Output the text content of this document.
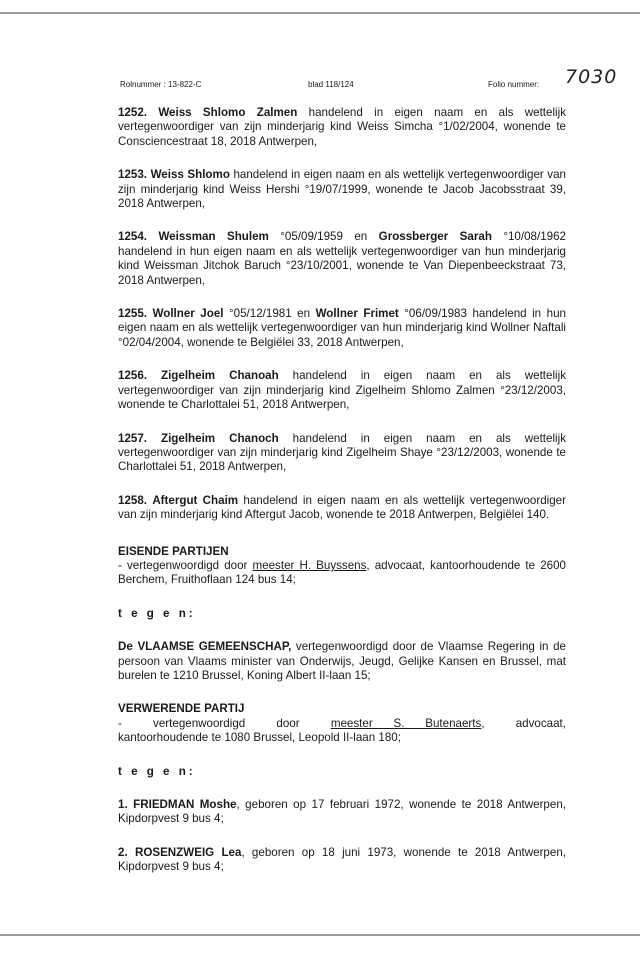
Rolnummer : 13-822-C	blad 118/124	Folio nummer: 7030

1252. Weiss Shlomo Zalmen handelend in eigen naam en als wettelijk vertegenwoordiger van zijn minderjarig kind Weiss Simcha °1/02/2004, wonende te Consciencestraat 18, 2018 Antwerpen,

1253. Weiss Shlomo handelend in eigen naam en als wettelijk vertegenwoordiger van zijn minderjarig kind Weiss Hershi °19/07/1999, wonende te Jacob Jacobsstraat 39, 2018 Antwerpen,

1254. Weissman Shulem °05/09/1959 en Grossberger Sarah °10/08/1962 handelend in hun eigen naam en als wettelijk vertegenwoordiger van hun minderjarig kind Weissman Jitchok Baruch °23/10/2001, wonende te Van Diepenbeeckstraat 73, 2018 Antwerpen,

1255. Wollner Joel °05/12/1981 en Wollner Frimet °06/09/1983 handelend in hun eigen naam en als wettelijk vertegenwoordiger van hun minderjarig kind Wollner Naftali °02/04/2004, wonende te Belgiëlei 33, 2018 Antwerpen,

1256. Zigelheim Chanoah handelend in eigen naam en als wettelijk vertegenwoordiger van zijn minderjarig kind Zigelheim Shlomo Zalmen °23/12/2003, wonende te Charlottalei 51, 2018 Antwerpen,

1257. Zigelheim Chanoch handelend in eigen naam en als wettelijk vertegenwoordiger van zijn minderjarig kind Zigelheim Shaye °23/12/2003, wonende te Charlottalei 51, 2018 Antwerpen,

1258. Aftergut Chaim handelend in eigen naam en als wettelijk vertegenwoordiger van zijn minderjarig kind Aftergut Jacob, wonende te 2018 Antwerpen, Belgiëlei 140.

EISENDE PARTIJEN

- vertegenwoordigd door meester H. Buyssens, advocaat, kantoorhoudende te 2600 Berchem, Fruithoflaan 124 bus 14;

t e g e n:

De VLAAMSE GEMEENSCHAP, vertegenwoordigd door de Vlaamse Regering in de persoon van Vlaams minister van Onderwijs, Jeugd, Gelijke Kansen en Brussel, mat burelen te 1210 Brussel, Koning Albert II-laan 15;

VERWERENDE PARTIJ

-      vertegenwoordigd      door      meester    S.    Butenaerts,      advocaat, kantoorhoudende te 1080 Brussel, Leopold II-laan 180;

t e g e n:

1. FRIEDMAN Moshe, geboren op 17 februari 1972, wonende te 2018 Antwerpen, Kipdorpvest 9 bus 4;

2. ROSENZWEIG Lea, geboren op 18 juni 1973, wonende te 2018 Antwerpen, Kipdorpvest 9 bus 4;
